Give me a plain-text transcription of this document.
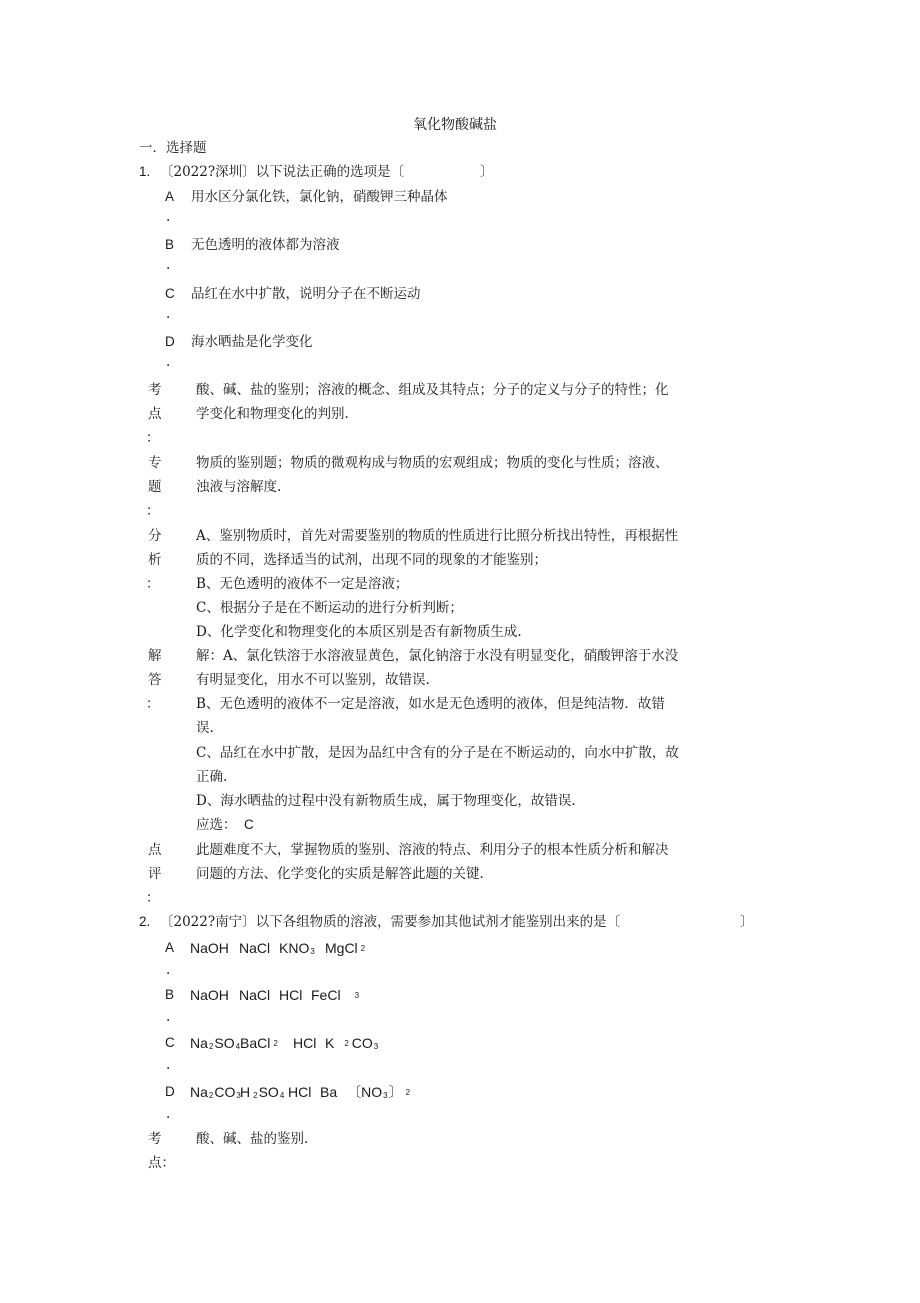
氧化物酸碱盐
一．选择题
1. 〔2022?深圳〕以下说法正确的选项是〔	〕
A 用水区分氯化铁，氯化钠，硝酸钾三种晶体
.
B 无色透明的液体都为溶液
.
C 品红在水中扩散，说明分子在不断运动
.
D 海水晒盐是化学变化
.
考
点
：
酸、碱、盐的鉴别；溶液的概念、组成及其特点；分子的定义与分子的特性；化
学变化和物理变化的判别.
专
题
：
物质的鉴别题；物质的微观构成与物质的宏观组成；物质的变化与性质；溶液、
浊液与溶解度.
分
析
：
A、鉴别物质时，首先对需要鉴别的物质的性质进行比照分析找出特性，再根据性
质的不同，选择适当的试剂，出现不同的现象的才能鉴别；
B、无色透明的液体不一定是溶液；
C、根据分子是在不断运动的进行分析判断；
D、化学变化和物理变化的本质区别是否有新物质生成.
解
答
：
解：A、氯化铁溶于水溶液显黄色，氯化钠溶于水没有明显变化，硝酸钾溶于水没
有明显变化，用水不可以鉴别，故错误.
B、无色透明的液体不一定是溶液，如水是无色透明的液体，但是纯洁物．故错
误.
C、品红在水中扩散，是因为品红中含有的分子是在不断运动的，向水中扩散，故
正确.
D、海水晒盐的过程中没有新物质生成，属于物理变化，故错误.
应选： C
点
评
：
此题难度不大，掌握物质的鉴别、溶液的特点、利用分子的根本性质分析和解决
问题的方法、化学变化的实质是解答此题的关键.
2. 〔2022?南宁〕以下各组物质的溶液，需要参加其他试剂才能鉴别出来的是〔	〕
A NaOH NaCl $KNO_3$ MgCl $_2$
.
B NaOH NaCl HCl FeCl $_3$
.
C $Na_2SO_4$ BaCl $_2$ HCl K $_2$ $CO_3$
.
D $Na_2CO_3$ H $_2SO_4$ HCl Ba 〔$NO_3$〕 $_2$
.
考
点：
酸、碱、盐的鉴别.
